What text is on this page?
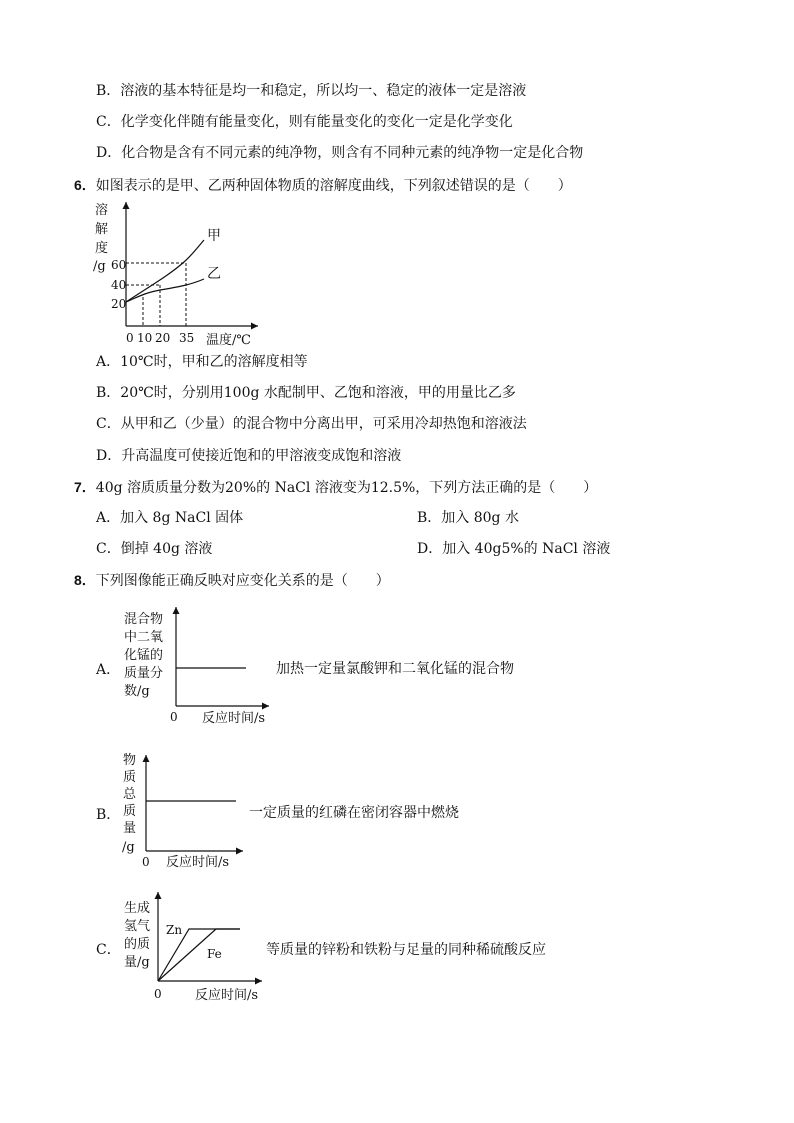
B．溶液的基本特征是均一和稳定，所以均一、稳定的液体一定是溶液
C．化学变化伴随有能量变化，则有能量变化的变化一定是化学变化
D．化合物是含有不同元素的纯净物，则含有不同种元素的纯净物一定是化合物
6．如图表示的是甲、乙两种固体物质的溶解度曲线，下列叙述错误的是（　　）
溶
解
度
/g 60
40
20
0 10 20 35 温度/℃
甲
乙
A．10℃时，甲和乙的溶解度相等
B．20℃时，分别用100g 水配制甲、乙饱和溶液，甲的用量比乙多
C．从甲和乙（少量）的混合物中分离出甲，可采用冷却热饱和溶液法
D．升高温度可使接近饱和的甲溶液变成饱和溶液
7．40g 溶质质量分数为20%的 NaCl 溶液变为12.5%，下列方法正确的是（　　）
A．加入 8g NaCl 固体	B．加入 80g 水
C．倒掉 40g 溶液	D．加入 40g5%的 NaCl 溶液
8．下列图像能正确反映对应变化关系的是（　　）
A．
混合物
中二氧
化锰的
质量分
数/g
0 反应时间/s
加热一定量氯酸钾和二氧化锰的混合物
B．
物
质
总
质
量
/g
0 反应时间/s
一定质量的红磷在密闭容器中燃烧
C．
生成
氢气
的质
量/g
Zn
Fe
0	反应时间/s
等质量的锌粉和铁粉与足量的同种稀硫酸反应
